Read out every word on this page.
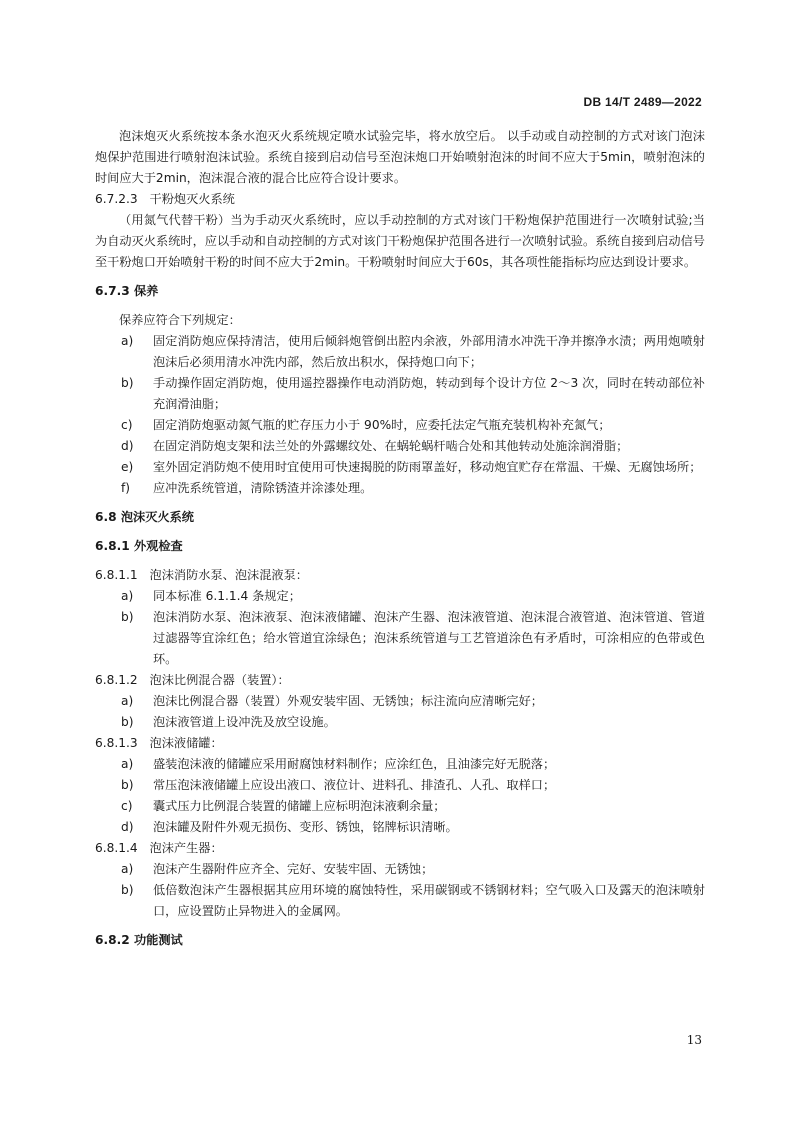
DB 14/T 2489—2022

泡沫炮灭火系统按本条水泡灭火系统规定喷水试验完毕，将水放空后。 以手动或自动控制的方式对该门泡沫炮保护范围进行喷射泡沫试验。系统自接到启动信号至泡沫炮口开始喷射泡沫的时间不应大于5min，喷射泡沫的时间应大于2min，泡沫混合液的混合比应符合设计要求。

6.7.2.3 干粉炮灭火系统

（用氮气代替干粉）当为手动灭火系统时，应以手动控制的方式对该门干粉炮保护范围进行一次喷射试验;当为自动灭火系统时，应以手动和自动控制的方式对该门干粉炮保护范围各进行一次喷射试验。系统自接到启动信号至干粉炮口开始喷射干粉的时间不应大于2min。干粉喷射时间应大于60s，其各项性能指标均应达到设计要求。

6.7.3 保养

保养应符合下列规定：

a)	固定消防炮应保持清洁，使用后倾斜炮管倒出腔内余液，外部用清水冲洗干净并擦净水渍；两用炮喷射泡沫后必须用清水冲洗内部，然后放出积水，保持炮口向下；
b)	手动操作固定消防炮，使用遥控器操作电动消防炮，转动到每个设计方位 2～3 次，同时在转动部位补充润滑油脂；
c)	固定消防炮驱动氮气瓶的贮存压力小于 90%时，应委托法定气瓶充装机构补充氮气；
d)	在固定消防炮支架和法兰处的外露螺纹处、在蜗轮蜗杆啮合处和其他转动处施涂润滑脂；
e)	室外固定消防炮不使用时宜使用可快速揭脱的防雨罩盖好，移动炮宜贮存在常温、干燥、无腐蚀场所；
f)	应冲洗系统管道，清除锈渣并涂漆处理。

6.8 泡沫灭火系统

6.8.1 外观检查

6.8.1.1 泡沫消防水泵、泡沫混液泵：

a)	同本标准 6.1.1.4 条规定；
b)	泡沫消防水泵、泡沫液泵、泡沫液储罐、泡沫产生器、泡沫液管道、泡沫混合液管道、泡沫管道、管道过滤器等宜涂红色；给水管道宜涂绿色；泡沫系统管道与工艺管道涂色有矛盾时，可涂相应的色带或色环。

6.8.1.2 泡沫比例混合器（装置）：

a)	泡沫比例混合器（装置）外观安装牢固、无锈蚀；标注流向应清晰完好；
b)	泡沫液管道上设冲洗及放空设施。

6.8.1.3 泡沫液储罐：

a)	盛装泡沫液的储罐应采用耐腐蚀材料制作；应涂红色，且油漆完好无脱落；
b)	常压泡沫液储罐上应设出液口、液位计、进料孔、排渣孔、人孔、取样口；
c)	囊式压力比例混合装置的储罐上应标明泡沫液剩余量；
d)	泡沫罐及附件外观无损伤、变形、锈蚀，铭牌标识清晰。

6.8.1.4 泡沫产生器：

a)	泡沫产生器附件应齐全、完好、安装牢固、无锈蚀；
b)	低倍数泡沫产生器根据其应用环境的腐蚀特性，采用碳钢或不锈钢材料；空气吸入口及露天的泡沫喷射口，应设置防止异物进入的金属网。

6.8.2 功能测试

13
